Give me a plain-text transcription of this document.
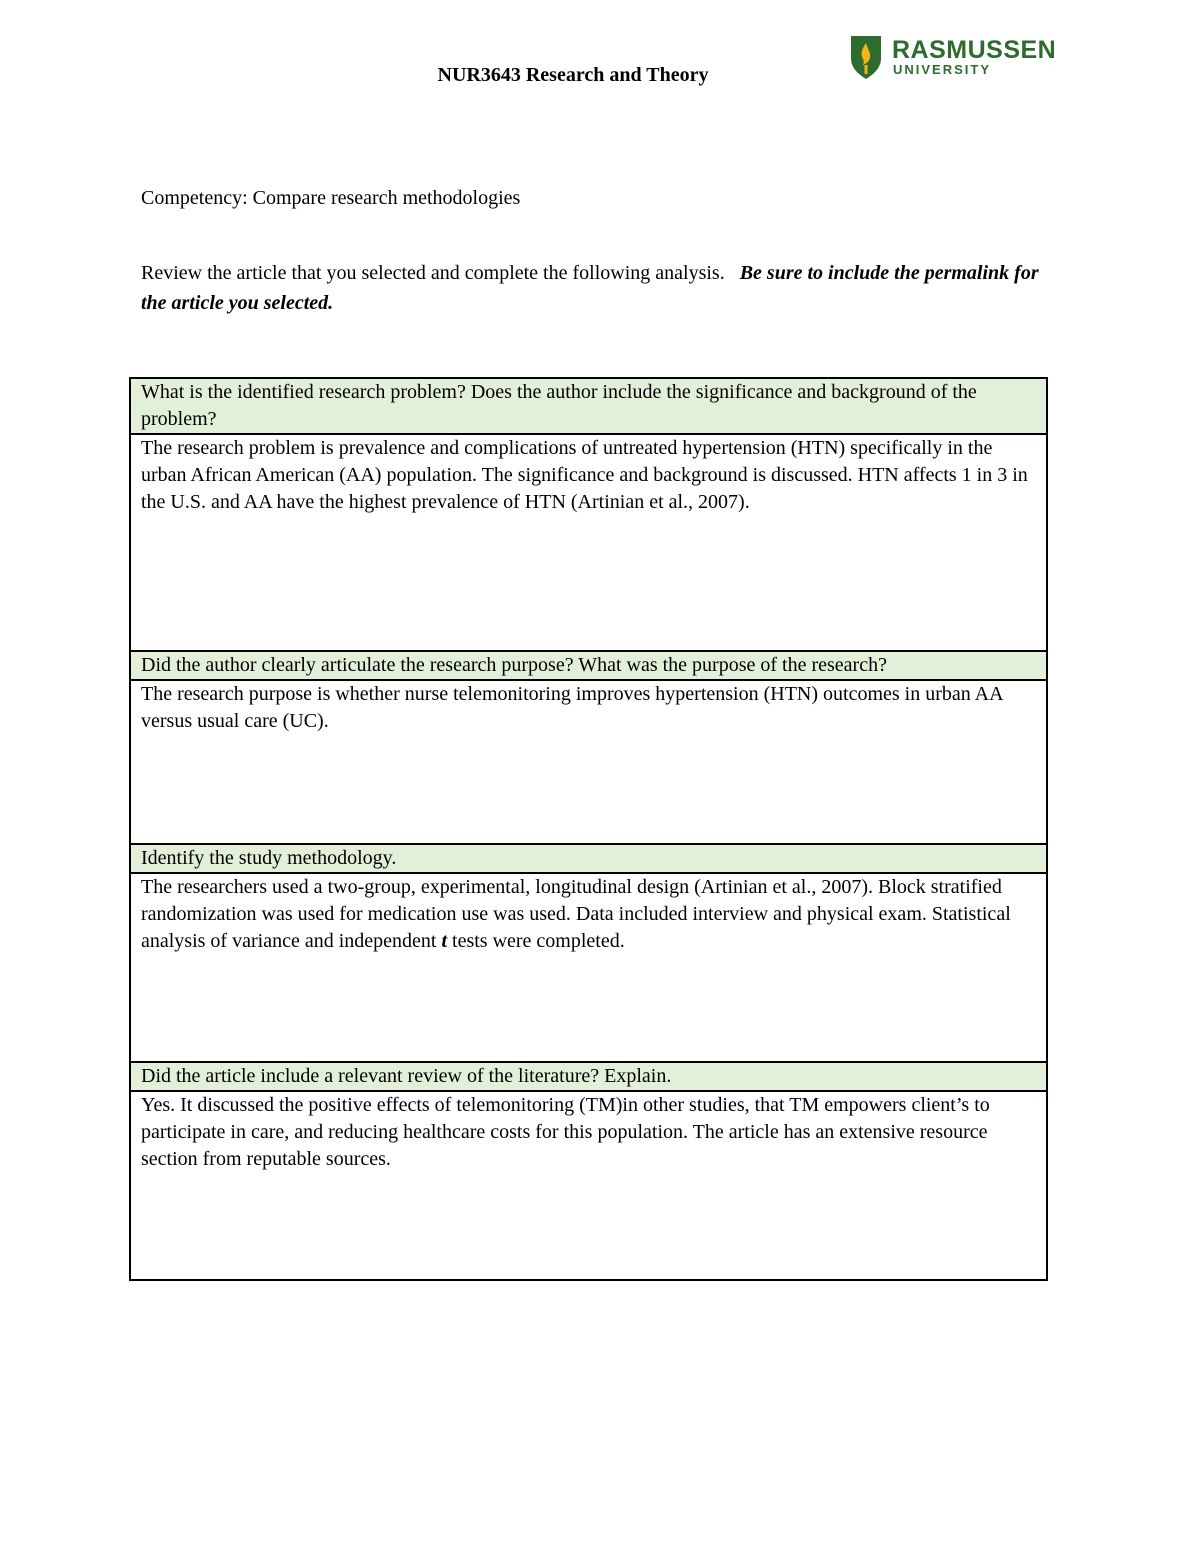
NUR3643 Research and Theory
RASMUSSEN
UNIVERSITY
Competency: Compare research methodologies
Review the article that you selected and complete the following analysis. Be sure to include the permalink for the article you selected.
What is the identified research problem? Does the author include the significance and background of the problem?
The research problem is prevalence and complications of untreated hypertension (HTN) specifically in the urban African American (AA) population. The significance and background is discussed. HTN affects 1 in 3 in the U.S. and AA have the highest prevalence of HTN (Artinian et al., 2007).
Did the author clearly articulate the research purpose? What was the purpose of the research?
The research purpose is whether nurse telemonitoring improves hypertension (HTN) outcomes in urban AA versus usual care (UC).
Identify the study methodology.
The researchers used a two-group, experimental, longitudinal design (Artinian et al., 2007). Block stratified randomization was used for medication use was used. Data included interview and physical exam. Statistical analysis of variance and independent t tests were completed.
Did the article include a relevant review of the literature? Explain.
Yes. It discussed the positive effects of telemonitoring (TM)in other studies, that TM empowers client’s to participate in care, and reducing healthcare costs for this population. The article has an extensive resource section from reputable sources.
